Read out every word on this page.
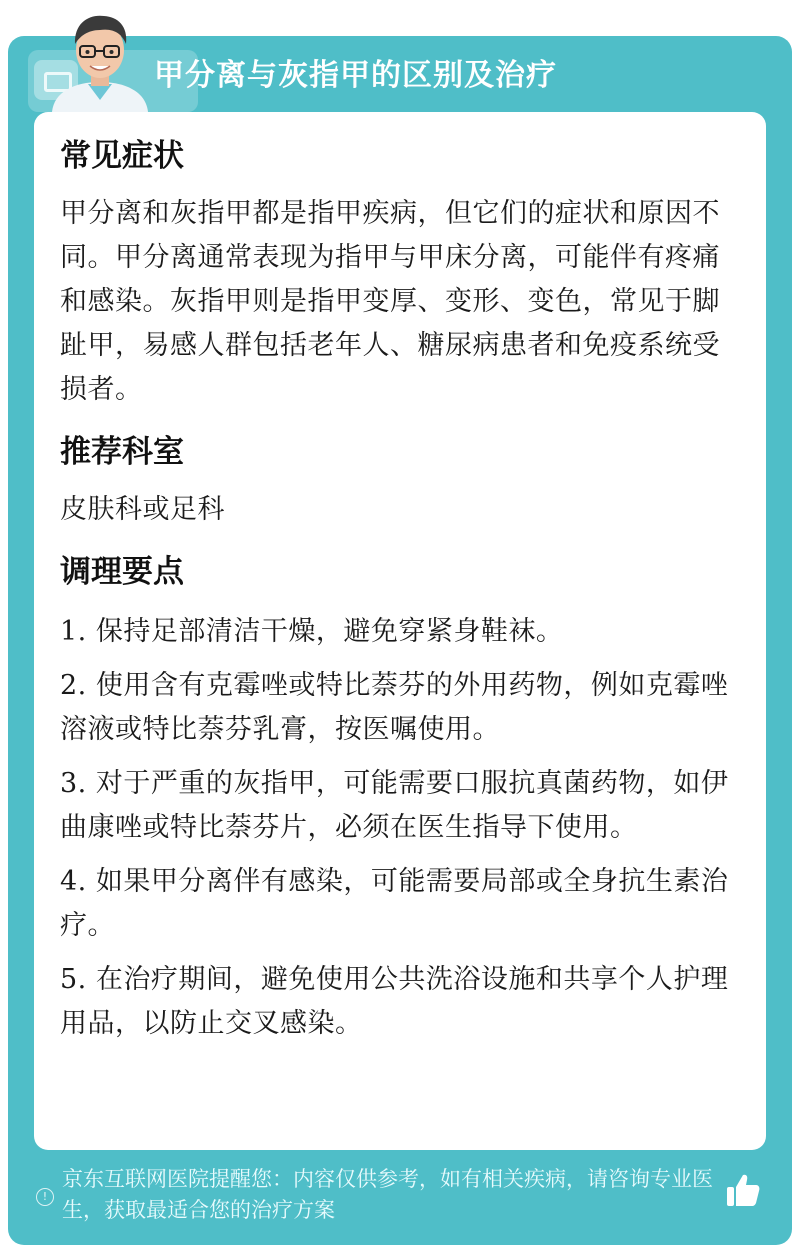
甲分离与灰指甲的区别及治疗
常见症状

甲分离和灰指甲都是指甲疾病，但它们的症状和原因不同。甲分离通常表现为指甲与甲床分离，可能伴有疼痛和感染。灰指甲则是指甲变厚、变形、变色，常见于脚趾甲，易感人群包括老年人、糖尿病患者和免疫系统受损者。

推荐科室

皮肤科或足科

调理要点

1. 保持足部清洁干燥，避免穿紧身鞋袜。

2. 使用含有克霉唑或特比萘芬的外用药物，例如克霉唑溶液或特比萘芬乳膏，按医嘱使用。

3. 对于严重的灰指甲，可能需要口服抗真菌药物，如伊曲康唑或特比萘芬片，必须在医生指导下使用。

4. 如果甲分离伴有感染，可能需要局部或全身抗生素治疗。

5. 在治疗期间，避免使用公共洗浴设施和共享个人护理用品，以防止交叉感染。

!
京东互联网医院提醒您：内容仅供参考，如有相关疾病，请咨询专业医生，获取最适合您的治疗方案
